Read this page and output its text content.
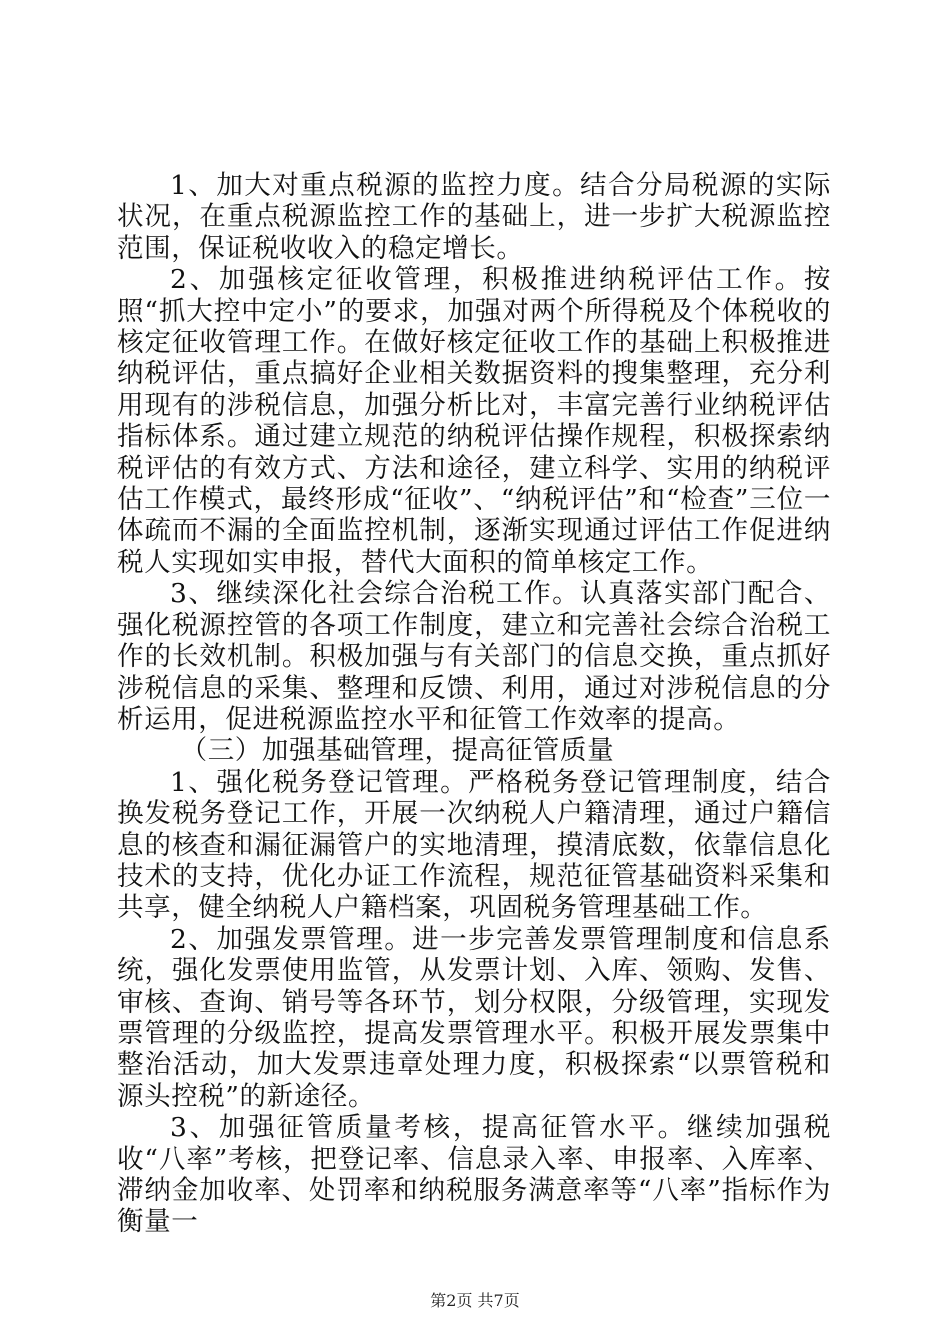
1、加大对重点税源的监控力度。结合分局税源的实际状况，在重点税源监控工作的基础上，进一步扩大税源监控范围，保证税收收入的稳定增长。

2、加强核定征收管理，积极推进纳税评估工作。按照“抓大控中定小”的要求，加强对两个所得税及个体税收的核定征收管理工作。在做好核定征收工作的基础上积极推进纳税评估，重点搞好企业相关数据资料的搜集整理，充分利用现有的涉税信息，加强分析比对，丰富完善行业纳税评估指标体系。通过建立规范的纳税评估操作规程，积极探索纳税评估的有效方式、方法和途径，建立科学、实用的纳税评估工作模式，最终形成“征收”、“纳税评估”和“检查”三位一体疏而不漏的全面监控机制，逐渐实现通过评估工作促进纳税人实现如实申报，替代大面积的简单核定工作。

3、继续深化社会综合治税工作。认真落实部门配合、强化税源控管的各项工作制度，建立和完善社会综合治税工作的长效机制。积极加强与有关部门的信息交换，重点抓好涉税信息的采集、整理和反馈、利用，通过对涉税信息的分析运用，促进税源监控水平和征管工作效率的提高。

（三）加强基础管理，提高征管质量

1、强化税务登记管理。严格税务登记管理制度，结合换发税务登记工作，开展一次纳税人户籍清理，通过户籍信息的核查和漏征漏管户的实地清理，摸清底数，依靠信息化技术的支持，优化办证工作流程，规范征管基础资料采集和共享，健全纳税人户籍档案，巩固税务管理基础工作。

2、加强发票管理。进一步完善发票管理制度和信息系统，强化发票使用监管，从发票计划、入库、领购、发售、审核、查询、销号等各环节，划分权限，分级管理，实现发票管理的分级监控，提高发票管理水平。积极开展发票集中整治活动，加大发票违章处理力度，积极探索“以票管税和源头控税”的新途径。

3、加强征管质量考核，提高征管水平。继续加强税收“八率”考核，把登记率、信息录入率、申报率、入库率、滞纳金加收率、处罚率和纳税服务满意率等“八率”指标作为衡量一

第2页 共7页
